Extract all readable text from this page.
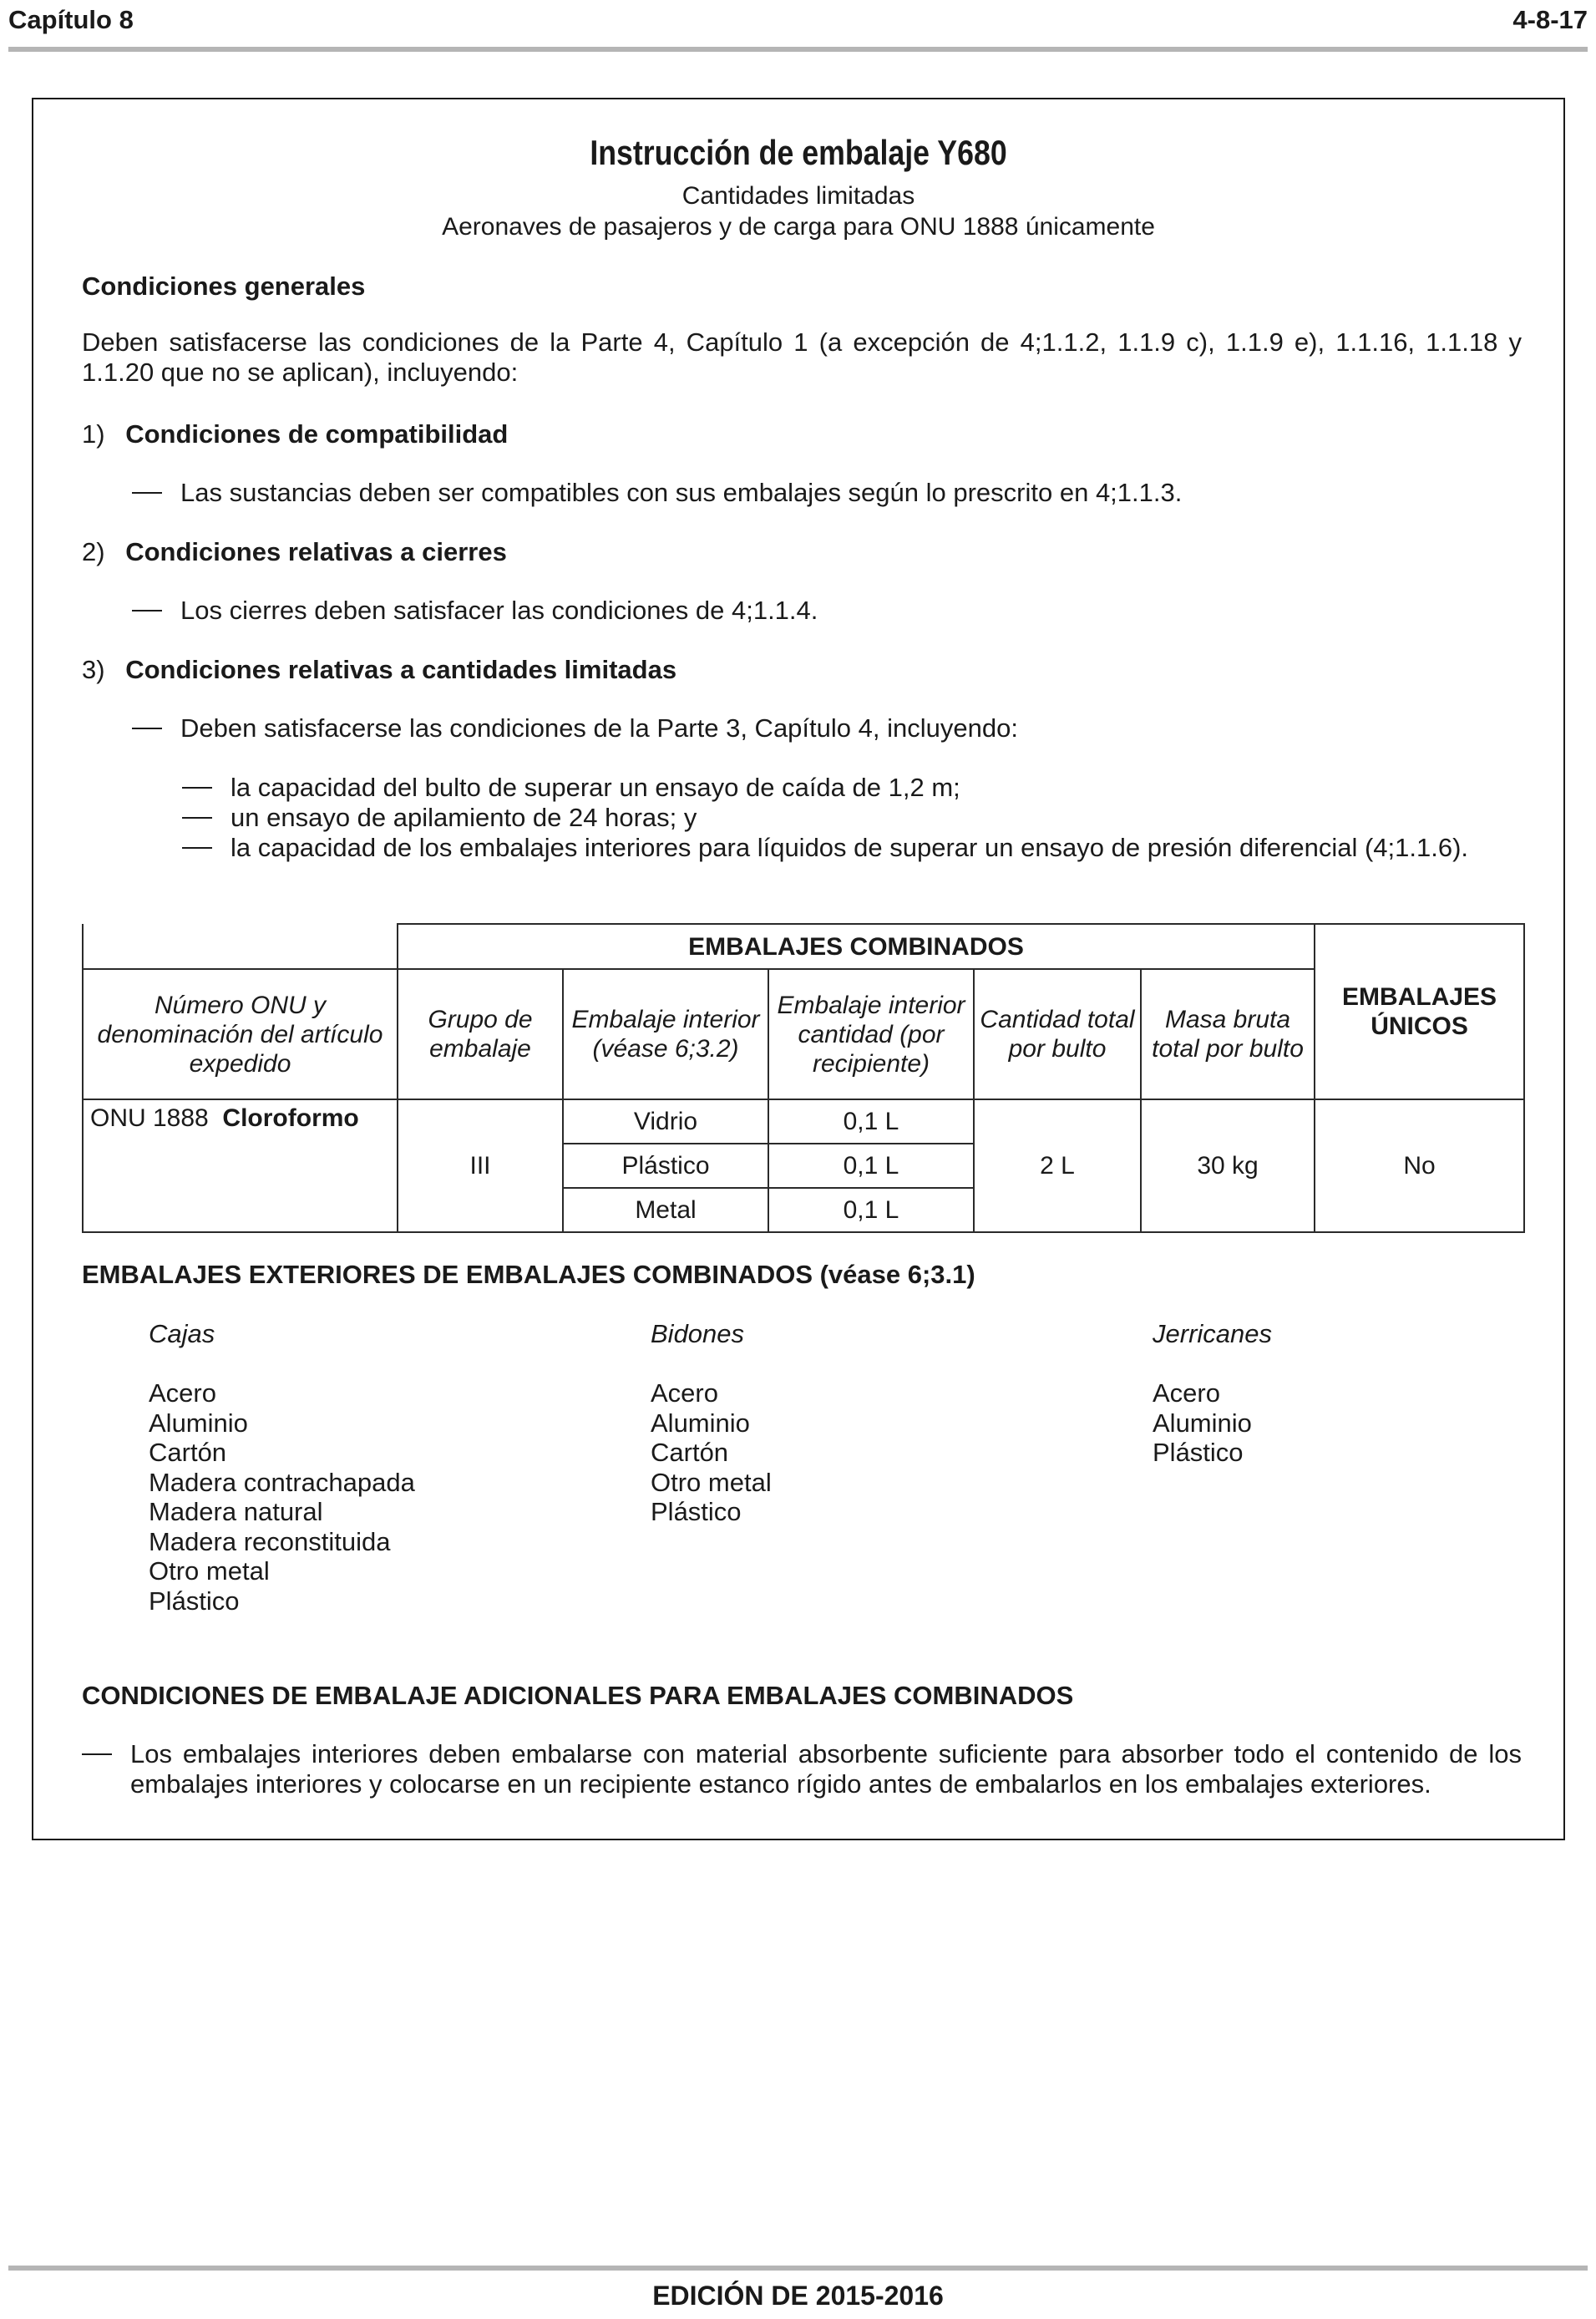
Capítulo 8	4-8-17
Instrucción de embalaje Y680
Cantidades limitadas
Aeronaves de pasajeros y de carga para ONU 1888 únicamente
Condiciones generales
Deben satisfacerse las condiciones de la Parte 4, Capítulo 1 (a excepción de 4;1.1.2, 1.1.9 c), 1.1.9 e), 1.1.16, 1.1.18 y 1.1.20 que no se aplican), incluyendo:
1) Condiciones de compatibilidad
Las sustancias deben ser compatibles con sus embalajes según lo prescrito en 4;1.1.3.
2) Condiciones relativas a cierres
Los cierres deben satisfacer las condiciones de 4;1.1.4.
3) Condiciones relativas a cantidades limitadas
Deben satisfacerse las condiciones de la Parte 3, Capítulo 4, incluyendo:
la capacidad del bulto de superar un ensayo de caída de 1,2 m;
un ensayo de apilamiento de 24 horas; y
la capacidad de los embalajes interiores para líquidos de superar un ensayo de presión diferencial (4;1.1.6).
	EMBALAJES COMBINADOS					EMBALAJES ÚNICOS
Número ONU y denominación del artículo expedido	Grupo de embalaje	Embalaje interior (véase 6;3.2)	Embalaje interior cantidad (por recipiente)	Cantidad total por bulto	Masa bruta total por bulto	
ONU 1888 Cloroformo	III	Vidrio	0,1 L	2 L	30 kg	No
		Plástico	0,1 L			
		Metal	0,1 L			
EMBALAJES EXTERIORES DE EMBALAJES COMBINADOS (véase 6;3.1)
Cajas
Acero
Aluminio
Cartón
Madera contrachapada
Madera natural
Madera reconstituida
Otro metal
Plástico
Bidones
Acero
Aluminio
Cartón
Otro metal
Plástico
Jerricanes
Acero
Aluminio
Plástico
CONDICIONES DE EMBALAJE ADICIONALES PARA EMBALAJES COMBINADOS
Los embalajes interiores deben embalarse con material absorbente suficiente para absorber todo el contenido de los embalajes interiores y colocarse en un recipiente estanco rígido antes de embalarlos en los embalajes exteriores.
EDICIÓN DE 2015-2016
